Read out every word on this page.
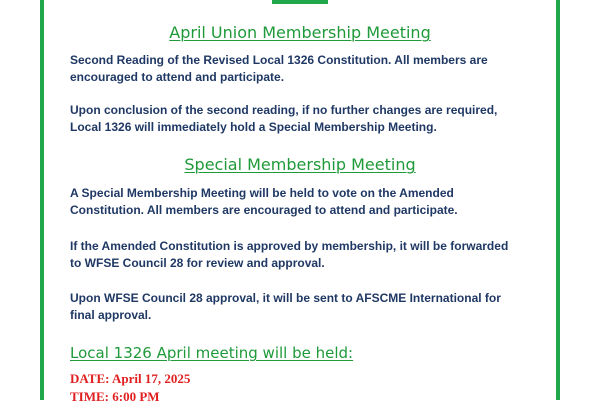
April Union Membership Meeting
Second Reading of the Revised Local 1326 Constitution. All members are
encouraged to attend and participate.
Upon conclusion of the second reading, if no further changes are required,
Local 1326 will immediately hold a Special Membership Meeting.
Special Membership Meeting
A Special Membership Meeting will be held to vote on the Amended
Constitution. All members are encouraged to attend and participate.
If the Amended Constitution is approved by membership, it will be forwarded
to WFSE Council 28 for review and approval.
Upon WFSE Council 28 approval, it will be sent to AFSCME International for
final approval.
Local 1326 April meeting will be held:
DATE: April 17, 2025
TIME: 6:00 PM
